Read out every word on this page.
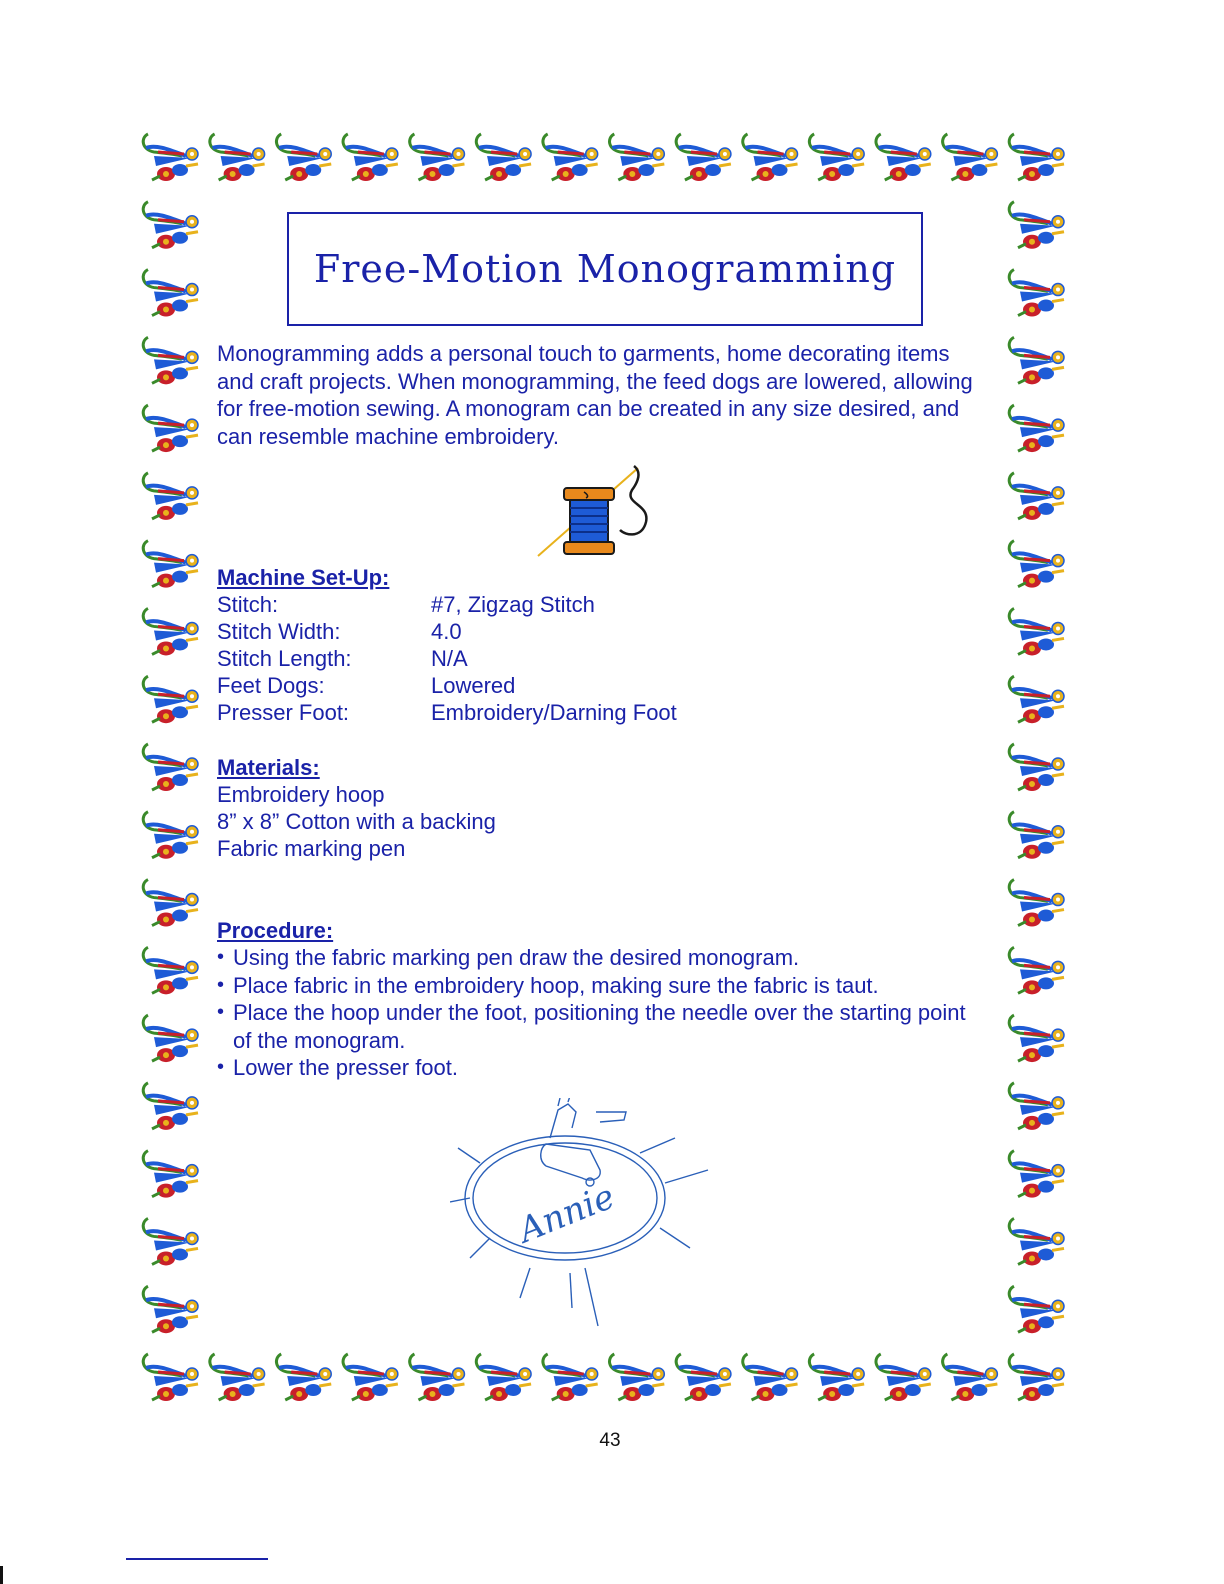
Free-Motion Monogramming

Monogramming adds a personal touch to garments, home decorating items and craft projects. When monogramming, the feed dogs are lowered, allowing for free-motion sewing. A monogram can be created in any size desired, and can resemble machine embroidery.

Machine Set-Up:

Stitch:	#7, Zigzag Stitch
Stitch Width:	4.0
Stitch Length:	N/A
Feet Dogs:	Lowered
Presser Foot:	Embroidery/Darning Foot

Materials:

Embroidery hoop
8” x 8” Cotton with a backing
Fabric marking pen

Procedure:

• Using the fabric marking pen draw the desired monogram.
• Place fabric in the embroidery hoop, making sure the fabric is taut.
• Place the hoop under the foot, positioning the needle over the starting point of the monogram.
• Lower the presser foot.
Annie
43
